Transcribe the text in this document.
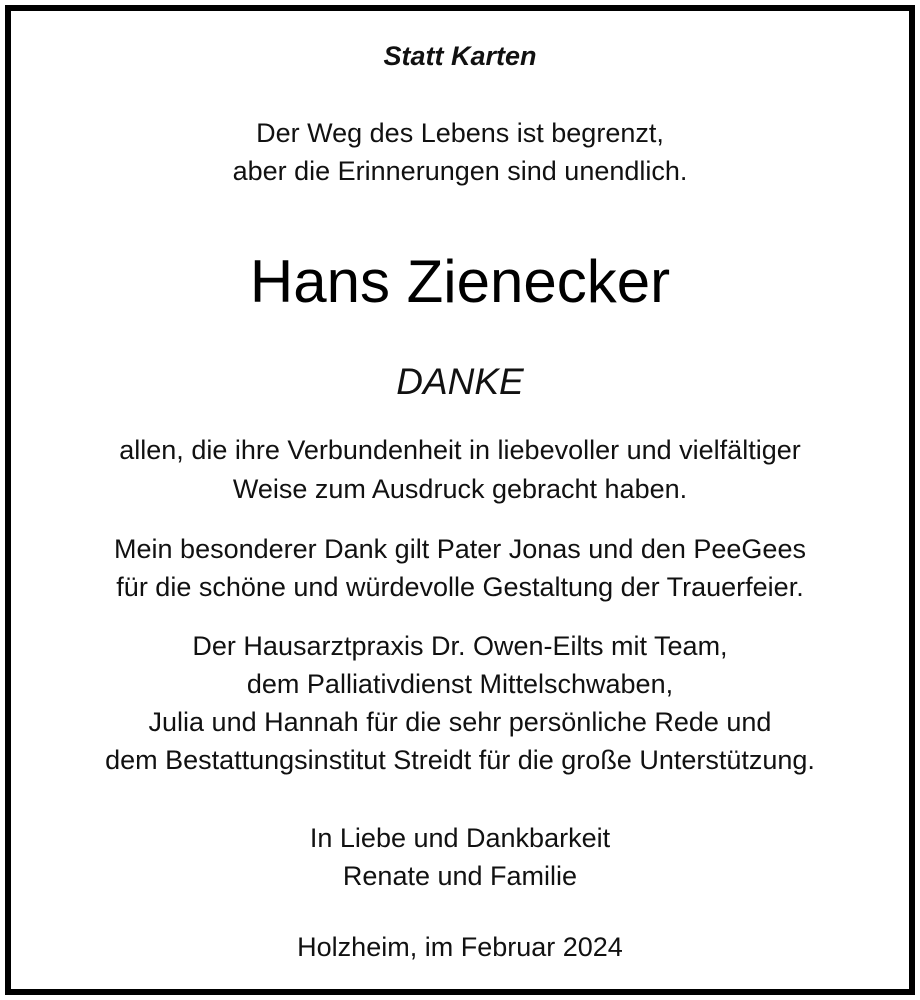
Statt Karten
Der Weg des Lebens ist begrenzt,
aber die Erinnerungen sind unendlich.
Hans Zienecker
DANKE
allen, die ihre Verbundenheit in liebevoller und vielfältiger
Weise zum Ausdruck gebracht haben.
Mein besonderer Dank gilt Pater Jonas und den PeeGees
für die schöne und würdevolle Gestaltung der Trauerfeier.
Der Hausarztpraxis Dr. Owen-Eilts mit Team,
dem Palliativdienst Mittelschwaben,
Julia und Hannah für die sehr persönliche Rede und
dem Bestattungsinstitut Streidt für die große Unterstützung.
In Liebe und Dankbarkeit
Renate und Familie
Holzheim, im Februar 2024
